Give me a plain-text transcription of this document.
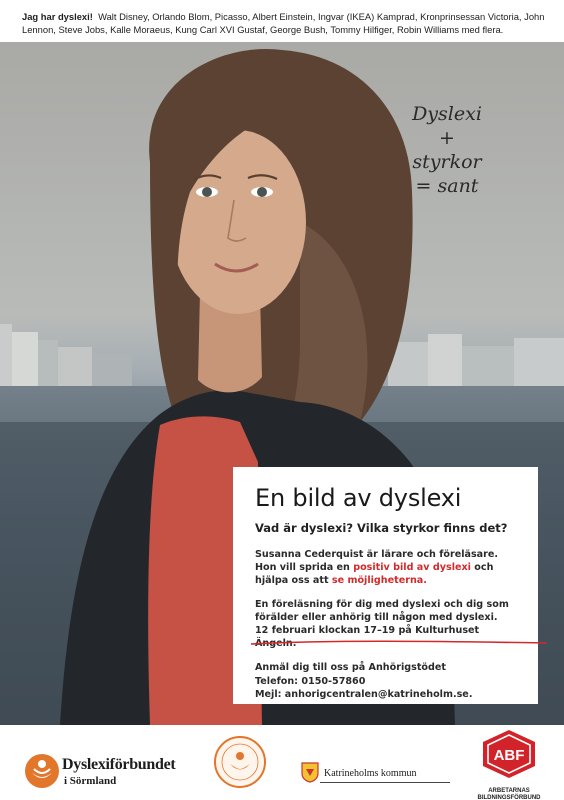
Jag har dyslexi! Walt Disney, Orlando Blom, Picasso, Albert Einstein, Ingvar (IKEA) Kamprad, Kronprinsessan Victoria, John Lennon, Steve Jobs, Kalle Moraeus, Kung Carl XVI Gustaf, George Bush, Tommy Hilfiger, Robin Williams med flera.
Dyslexi
+
styrkor
= sant
En bild av dyslexi
Vad är dyslexi? Vilka styrkor finns det?

Susanna Cederquist är lärare och föreläsare. Hon vill sprida en positiv bild av dyslexi och hjälpa oss att se möjligheterna.

En föreläsning för dig med dyslexi och dig som förälder eller anhörig till någon med dyslexi.
12 februari klockan 17–19 på Kulturhuset Ängeln.

Anmäl dig till oss på Anhörigstödet
Telefon: 0150-57860
Mejl: anhorigcentralen@katrineholm.se.

Dyslexiförbundet
i Sörmland
Katrineholms kommun
ABF
ARBETARNAS
BILDNINGSFÖRBUND
